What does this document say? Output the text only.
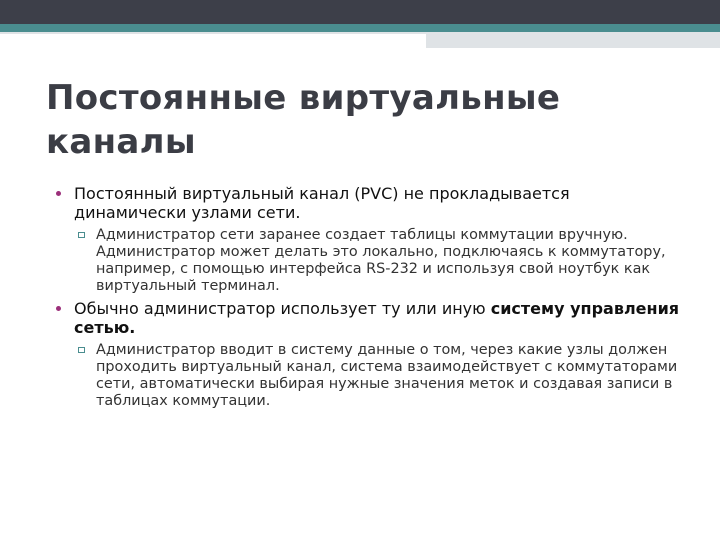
Постоянные виртуальные каналы
Постоянный виртуальный канал (PVC) не прокладывается динамически узлами сети.
Администратор сети заранее создает таблицы коммутации вручную. Администратор может делать это локально, подключаясь к коммутатору, например, с помощью интерфейса RS-232 и используя свой ноутбук как виртуальный терминал.
Обычно администратор использует ту или иную систему управления сетью.
Администратор вводит в систему данные о том, через какие узлы должен проходить виртуальный канал, система взаимодействует с коммутаторами сети, автоматически выбирая нужные значения меток и создавая записи в таблицах коммутации.
